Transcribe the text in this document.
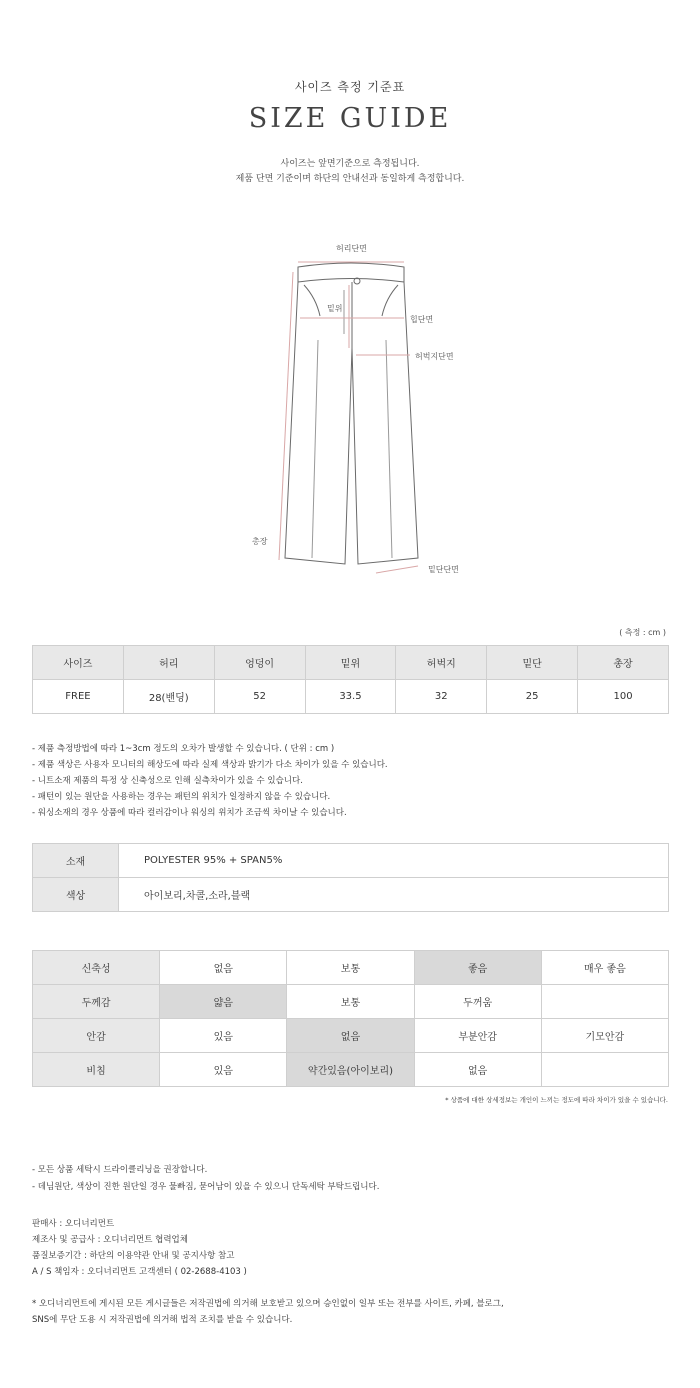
사이즈 측정 기준표
SIZE GUIDE
사이즈는 앞면기준으로 측정됩니다.
제품 단면 기준이며 하단의 안내선과 동일하게 측정합니다.
허리단면
밑위
힙단면
허벅지단면
총장
밑단단면
( 측정 : cm )
사이즈	허리	엉덩이	밑위	허벅지	밑단	총장
FREE	28(밴딩)	52	33.5	32	25	100
- 제품 측정방법에 따라 1~3cm 정도의 오차가 발생할 수 있습니다. ( 단위 : cm )
- 제품 색상은 사용자 모니터의 해상도에 따라 실제 색상과 밝기가 다소 차이가 있을 수 있습니다.
- 니트소재 제품의 특정 상 신축성으로 인해 실측차이가 있을 수 있습니다.
- 패턴이 있는 원단을 사용하는 경우는 패턴의 위치가 일정하지 않을 수 있습니다.
- 워싱소재의 경우 상품에 따라 컬러감이나 워싱의 위치가 조금씩 차이날 수 있습니다.
소재	POLYESTER 95% + SPAN5%
색상	아이보리,차콜,소라,블랙
신축성	없음	보통	좋음	매우 좋음
두께감	얇음	보통	두꺼움	
안감	있음	없음	부분안감	기모안감
비침	있음	약간있음(아이보리)	없음	
* 상품에 대한 상세정보는 개인이 느끼는 정도에 따라 차이가 있을 수 있습니다.
- 모든 상품 세탁시 드라이클리닝을 권장합니다.
- 데님원단, 색상이 진한 원단일 경우 물빠짐, 묻어남이 있을 수 있으니 단독세탁 부탁드립니다.
판매사 : 오디너리먼트
제조사 및 공급사 : 오디너리먼트 협력업체
품질보증기간 : 하단의 이용약관 안내 및 공지사항 참고
A / S 책임자 : 오디너리먼트 고객센터 ( 02-2688-4103 )
* 오디너리먼트에 게시된 모든 게시글들은 저작권법에 의거해 보호받고 있으며 승인없이 일부 또는 전부를 사이트, 카페, 블로그,
SNS에 무단 도용 시 저작권법에 의거해 법적 조치를 받을 수 있습니다.
